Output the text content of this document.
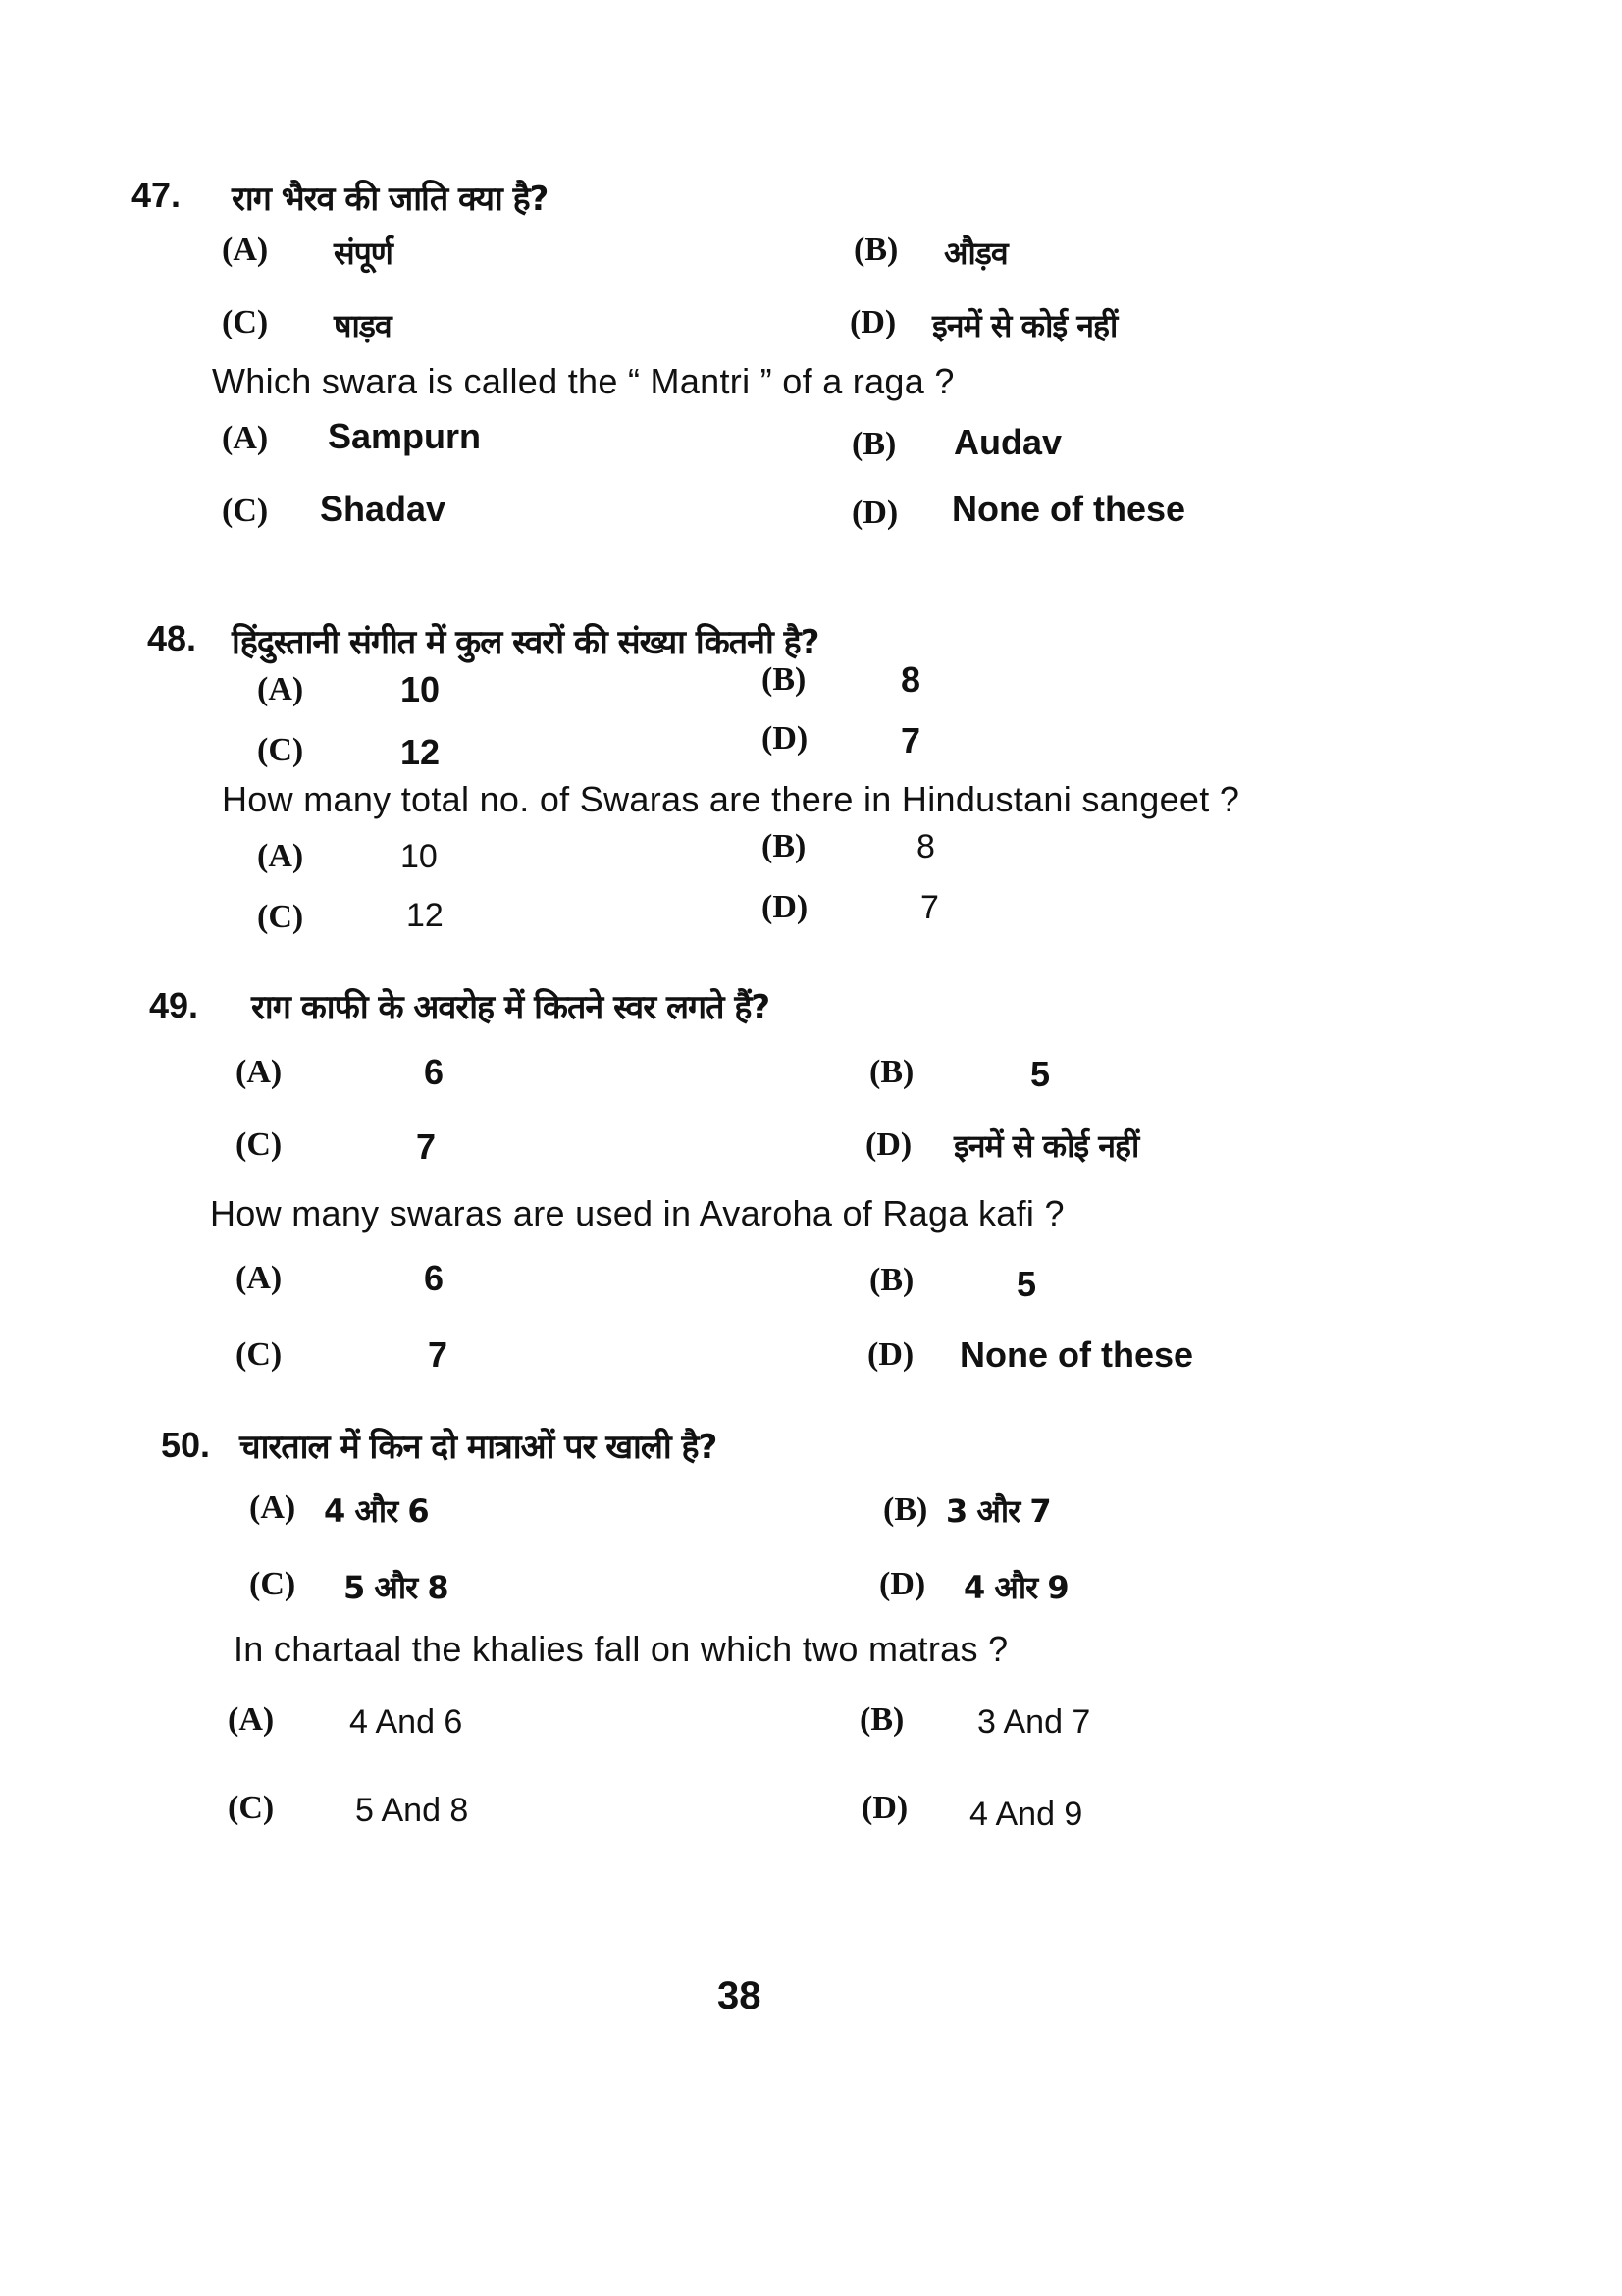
47. राग भैरव की जाति क्या है?
(A) संपूर्ण	(B) औड़व
(C) षाड़व	(D) इनमें से कोई नहीं
Which swara is called the “ Mantri ” of a raga ?
(A) Sampurn	(B) Audav
(C) Shadav	(D) None of these
48. हिंदुस्तानी संगीत में कुल स्वरों की संख्या कितनी है?
(A)	10	(B)	8
(C)	12	(D)	7
How many total no. of Swaras are there in Hindustani sangeet ?
(A)	10	(B)	8
(C)	12	(D)	7
49. राग काफी के अवरोह में कितने स्वर लगते हैं?
(A)	6	(B)	5
(C)	7	(D) इनमें से कोई नहीं
How many swaras are used in Avaroha of Raga kafi ?
(A)	6	(B)	5
(C)	7	(D) None of these
50. चारताल में किन दो मात्राओं पर खाली है?
(A) 4 और 6	(B) 3 और 7
(C) 5 और 8	(D) 4 और 9
In chartaal the khalies fall on which two matras ?
(A) 4 And 6	(B) 3 And 7
(C) 5 And 8	(D) 4 And 9
38
